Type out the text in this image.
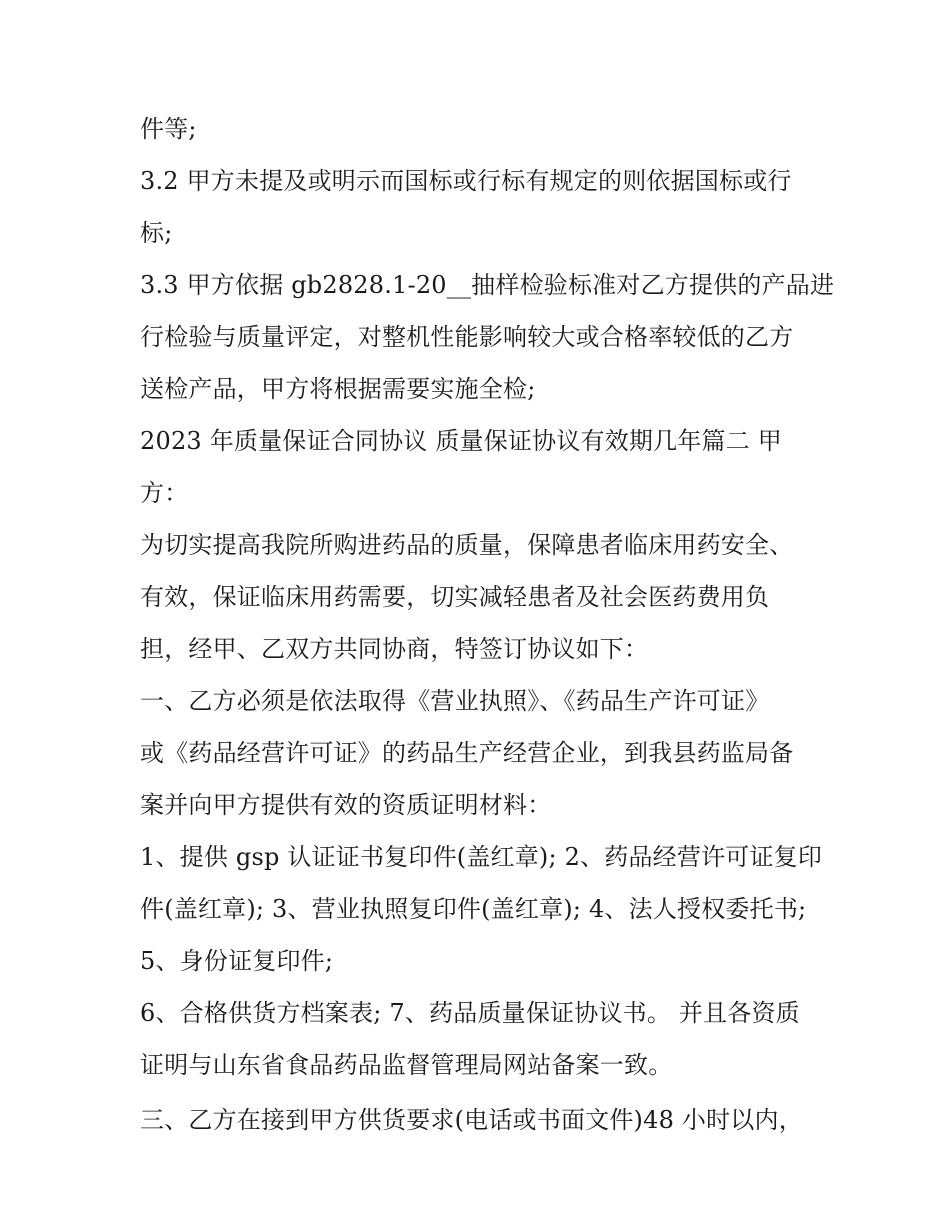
件等;
3.2 甲方未提及或明示而国标或行标有规定的则依据国标或行
标;
3.3 甲方依据 gb2828.1-20__抽样检验标准对乙方提供的产品进
行检验与质量评定，对整机性能影响较大或合格率较低的乙方
送检产品，甲方将根据需要实施全检;
2023 年质量保证合同协议 质量保证协议有效期几年篇二 甲
方：
为切实提高我院所购进药品的质量，保障患者临床用药安全、
有效，保证临床用药需要，切实减轻患者及社会医药费用负
担，经甲、乙双方共同协商，特签订协议如下：
一、乙方必须是依法取得《营业执照》、《药品生产许可证》
或《药品经营许可证》的药品生产经营企业，到我县药监局备
案并向甲方提供有效的资质证明材料：
1、提供 gsp 认证证书复印件(盖红章); 2、药品经营许可证复印
件(盖红章); 3、营业执照复印件(盖红章); 4、法人授权委托书;
5、身份证复印件;
6、合格供货方档案表; 7、药品质量保证协议书。 并且各资质
证明与山东省食品药品监督管理局网站备案一致。
三、乙方在接到甲方供货要求(电话或书面文件)48 小时以内，
